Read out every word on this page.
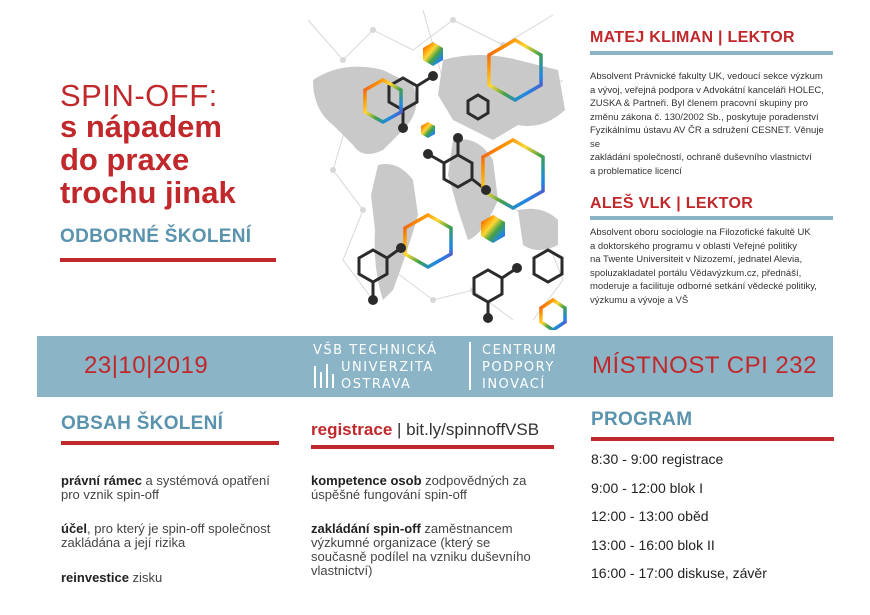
SPIN-OFF:
s nápadem
do praxe
trochu jinak
ODBORNÉ ŠKOLENÍ
MATEJ KLIMAN | LEKTOR
Absolvent Právnické fakulty UK, vedoucí sekce výzkum
a vývoj, veřejná podpora v Advokátní kanceláři HOLEC,
ZUSKA & Partneři. Byl členem pracovní skupiny pro
změnu zákona č. 130/2002 Sb., poskytuje poradenství
Fyzikálnímu ústavu AV ČR a sdružení CESNET. Věnuje se
zakládání společností, ochraně duševního vlastnictví
a problematice licencí
ALEŠ VLK | LEKTOR
Absolvent oboru sociologie na Filozofické fakultě UK
a doktorského programu v oblasti Veřejné politiky
na Twente Universiteit v Nizozemí, jednatel Alevia,
spoluzakladatel portálu Vědavýzkum.cz, přednáší,
moderuje a facilituje odborné setkání vědecké politiky,
výzkumu a vývoje a VŠ
23|10|2019
VŠB TECHNICKÁ
UNIVERZITA
OSTRAVA
CENTRUM
PODPORY
INOVACÍ
MÍSTNOST CPI 232
OBSAH ŠKOLENÍ
právní rámec a systémová opatření
pro vznik spin-off
účel, pro který je spin-off společnost
zakládána a její rizika
reinvestice zisku
registrace | bit.ly/spinnoffVSB
kompetence osob zodpovědných za
úspěšné fungování spin-off
zakládání spin-off zaměstnancem
výzkumné organizace (který se
současně podílel na vzniku duševního
vlastnictví)
PROGRAM
8:30 - 9:00 registrace
9:00 - 12:00 blok I
12:00 - 13:00 oběd
13:00 - 16:00 blok II
16:00 - 17:00 diskuse, závěr
